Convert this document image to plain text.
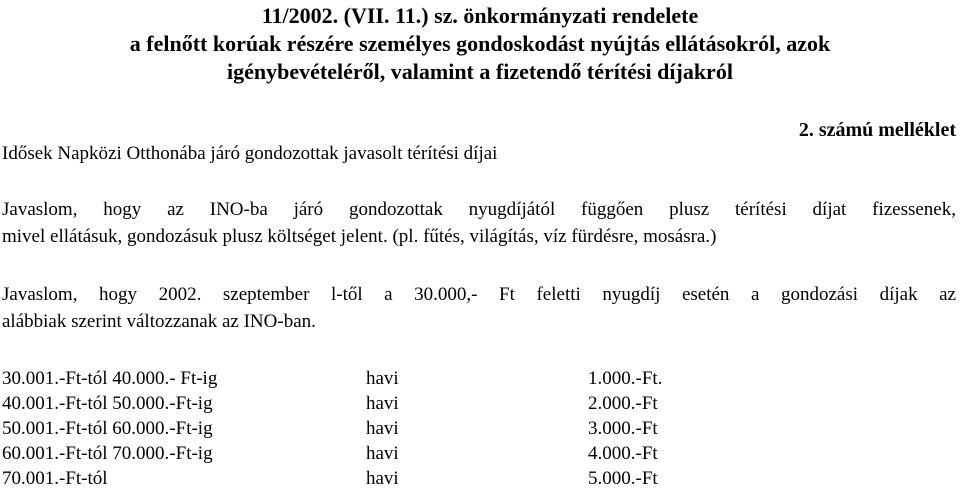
11/2002. (VII. 11.) sz. önkormányzati rendelete
a felnőtt korúak részére személyes gondoskodást nyújtás ellátásokról, azok
igénybevételéről, valamint a fizetendő térítési díjakról
2. számú melléklet
Idősek Napközi Otthonába járó gondozottak javasolt térítési díjai
Javaslom, hogy az INO-ba járó gondozottak nyugdíjától függően plusz térítési díjat fizessenek,
mivel ellátásuk, gondozásuk plusz költséget jelent. (pl. fűtés, világítás, víz fürdésre, mosásra.)
Javaslom, hogy 2002. szeptember l-től a 30.000,- Ft feletti nyugdíj esetén a gondozási díjak az
alábbiak szerint változzanak az INO-ban.
30.001.-Ft-tól 40.000.- Ft-ig	havi	1.000.-Ft.
40.001.-Ft-tól 50.000.-Ft-ig	havi	2.000.-Ft
50.001.-Ft-tól 60.000.-Ft-ig	havi	3.000.-Ft
60.001.-Ft-tól 70.000.-Ft-ig	havi	4.000.-Ft
70.001.-Ft-tól	havi	5.000.-Ft
